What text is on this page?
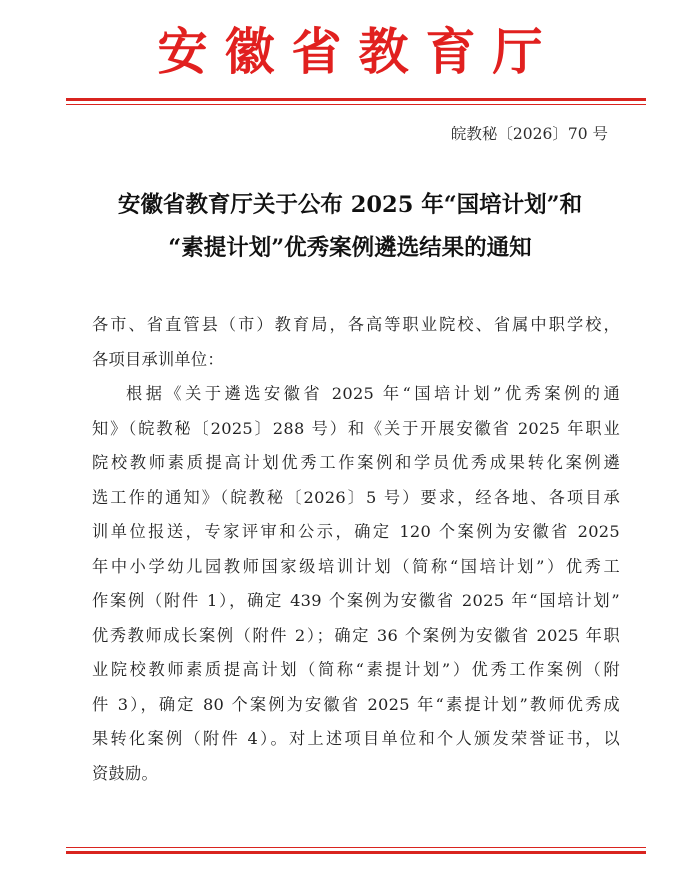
安徽省教育厅
皖教秘〔2026〕70 号
安徽省教育厅关于公布 2025 年“国培计划”和
“素提计划”优秀案例遴选结果的通知
各市、省直管县（市）教育局，各高等职业院校、省属中职学校，
各项目承训单位：
根据《关于遴选安徽省 2025 年“国培计划”优秀案例的通
知》（皖教秘〔2025〕288 号）和《关于开展安徽省 2025 年职业
院校教师素质提高计划优秀工作案例和学员优秀成果转化案例遴
选工作的通知》（皖教秘〔2026〕5 号）要求，经各地、各项目承
训单位报送，专家评审和公示，确定 120 个案例为安徽省 2025
年中小学幼儿园教师国家级培训计划（简称“国培计划”）优秀工
作案例（附件 1），确定 439 个案例为安徽省 2025 年“国培计划”
优秀教师成长案例（附件 2）；确定 36 个案例为安徽省 2025 年职
业院校教师素质提高计划（简称“素提计划”）优秀工作案例（附
件 3），确定 80 个案例为安徽省 2025 年“素提计划”教师优秀成
果转化案例（附件 4）。对上述项目单位和个人颁发荣誉证书，以
资鼓励。
